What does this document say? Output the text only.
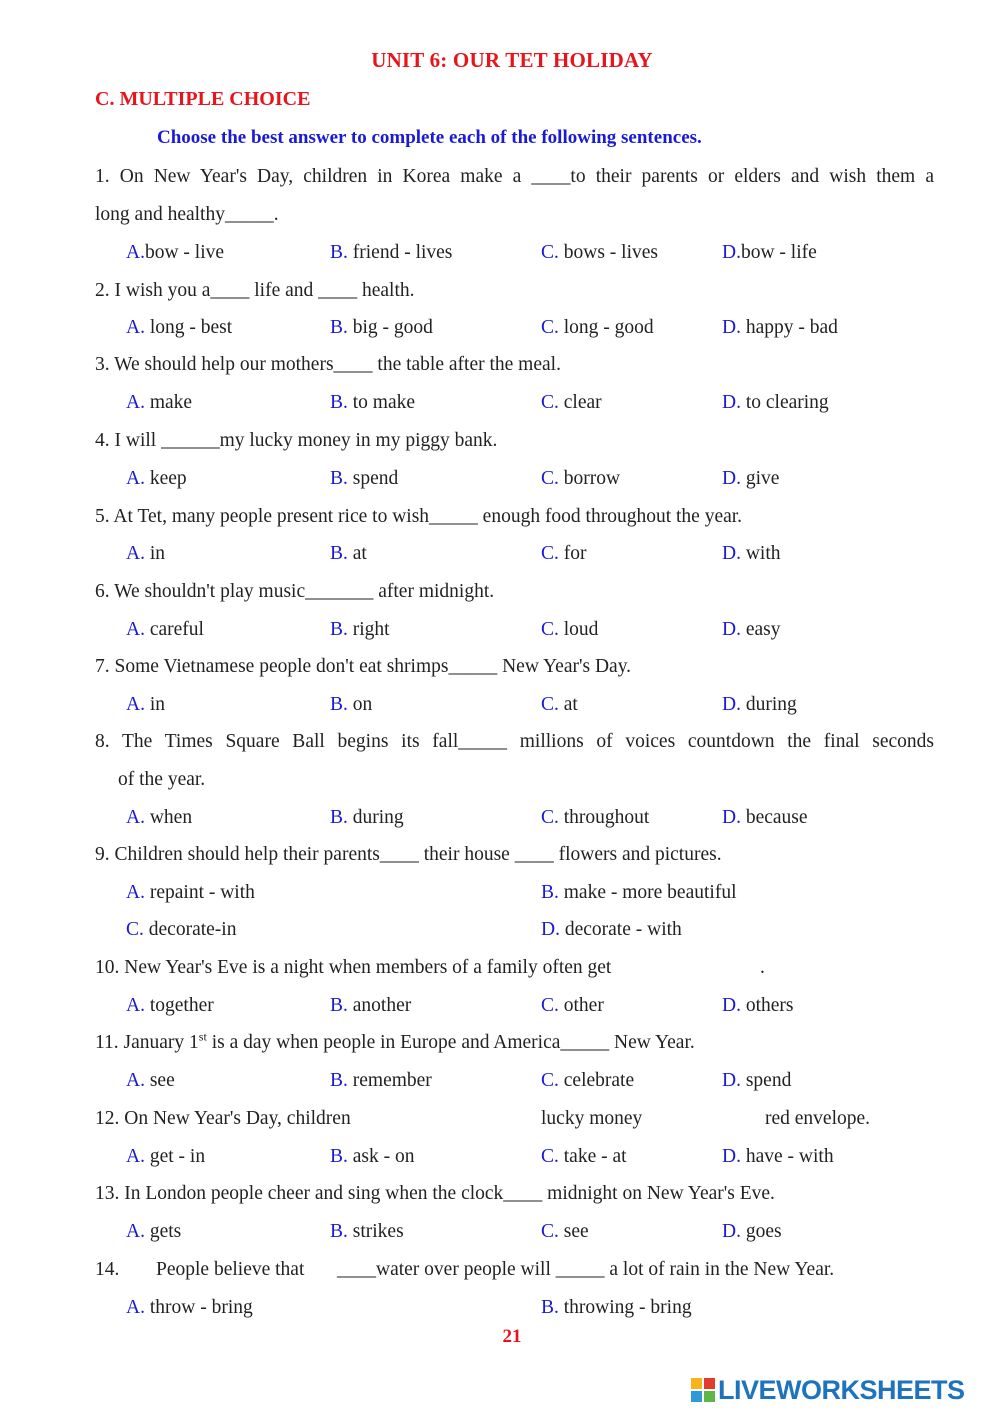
UNIT 6: OUR TET HOLIDAY
C. MULTIPLE CHOICE
Choose the best answer to complete each of the following sentences.
1. On New Year's Day, children in Korea make a ____to their parents or elders and wish them a
long and healthy_____.
A.bow - live	B. friend - lives	C. bows - lives	D.bow - life
2. I wish you a____ life and ____ health.
A. long - best	B. big - good	C. long - good	D. happy - bad
3. We should help our mothers____ the table after the meal.
A. make	B. to make	C. clear	D. to clearing
4. I will ______my lucky money in my piggy bank.
A. keep	B. spend	C. borrow	D. give
5. At Tet, many people present rice to wish_____ enough food throughout the year.
A. in	B. at	C. for	D. with
6. We shouldn't play music_______ after midnight.
A. careful	B. right	C. loud	D. easy
7. Some Vietnamese people don't eat shrimps_____ New Year's Day.
A. in	B. on	C. at	D. during
8. The Times Square Ball begins its fall_____ millions of voices countdown the final seconds
of the year.
A. when	B. during	C. throughout	D. because
9. Children should help their parents____ their house ____ flowers and pictures.
A. repaint - with	B. make - more beautiful
C. decorate-in	D. decorate - with
10. New Year's Eve is a night when members of a family often get	.
A. together	B. another	C. other	D. others
11. January 1st is a day when people in Europe and America_____ New Year.
A. see	B. remember	C. celebrate	D. spend
12. On New Year's Day, children	lucky money	red envelope.
A. get - in	B. ask - on	C. take - at	D. have - with
13. In London people cheer and sing when the clock____ midnight on New Year's Eve.
A. gets	B. strikes	C. see	D. goes
14. People believe that ____water over people will _____ a lot of rain in the New Year.
A. throw - bring	B. throwing - bring
21
LIVEWORKSHEETS
